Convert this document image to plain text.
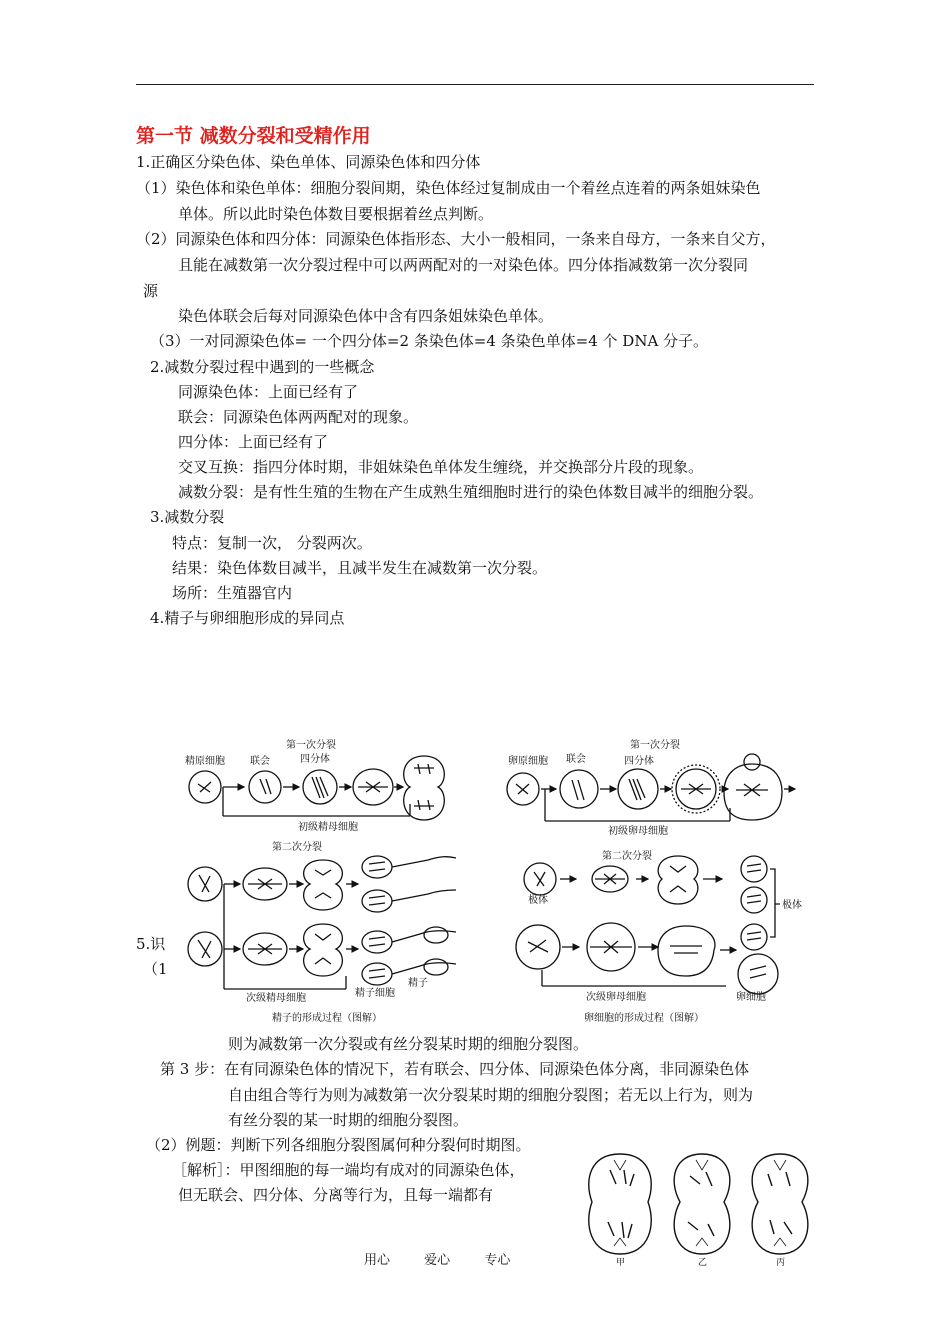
第一节 减数分裂和受精作用
1.正确区分染色体、染色单体、同源染色体和四分体
（1）染色体和染色单体：细胞分裂间期，染色体经过复制成由一个着丝点连着的两条姐妹染色
单体。所以此时染色体数目要根据着丝点判断。
（2）同源染色体和四分体：同源染色体指形态、大小一般相同，一条来自母方，一条来自父方，
且能在减数第一次分裂过程中可以两两配对的一对染色体。四分体指减数第一次分裂同
源
染色体联会后每对同源染色体中含有四条姐妹染色单体。
（3）一对同源染色体= 一个四分体=2 条染色体=4 条染色单体=4 个 DNA 分子。
2.减数分裂过程中遇到的一些概念
同源染色体：上面已经有了
联会：同源染色体两两配对的现象。
四分体：上面已经有了
交叉互换：指四分体时期，非姐妹染色单体发生缠绕，并交换部分片段的现象。
减数分裂：是有性生殖的生物在产生成熟生殖细胞时进行的染色体数目减半的细胞分裂。
3.减数分裂
特点：复制一次， 分裂两次。
结果：染色体数目减半，且减半发生在减数第一次分裂。
场所：生殖器官内
4.精子与卵细胞形成的异同点
5.识
（1
则为减数第一次分裂或有丝分裂某时期的细胞分裂图。
第 3 步：在有同源染色体的情况下，若有联会、四分体、同源染色体分离，非同源染色体
自由组合等行为则为减数第一次分裂某时期的细胞分裂图；若无以上行为，则为
有丝分裂的某一时期的细胞分裂图。
（2）例题：判断下列各细胞分裂图属何种分裂何时期图。
［解析］：甲图细胞的每一端均有成对的同源染色体，
但无联会、四分体、分离等行为，且每一端都有
精原细胞	联会
第一次分裂
四分体
初级精母细胞
第二次分裂
次级精母细胞	精子细胞
精子
精子的形成过程（图解）
卵原细胞 联会
第一次分裂
四分体
初级卵母细胞
极体
第二次分裂
极体
次级卵母细胞	卵细胞
卵细胞的形成过程（图解）
甲	乙	丙
用心	爱心	专心
